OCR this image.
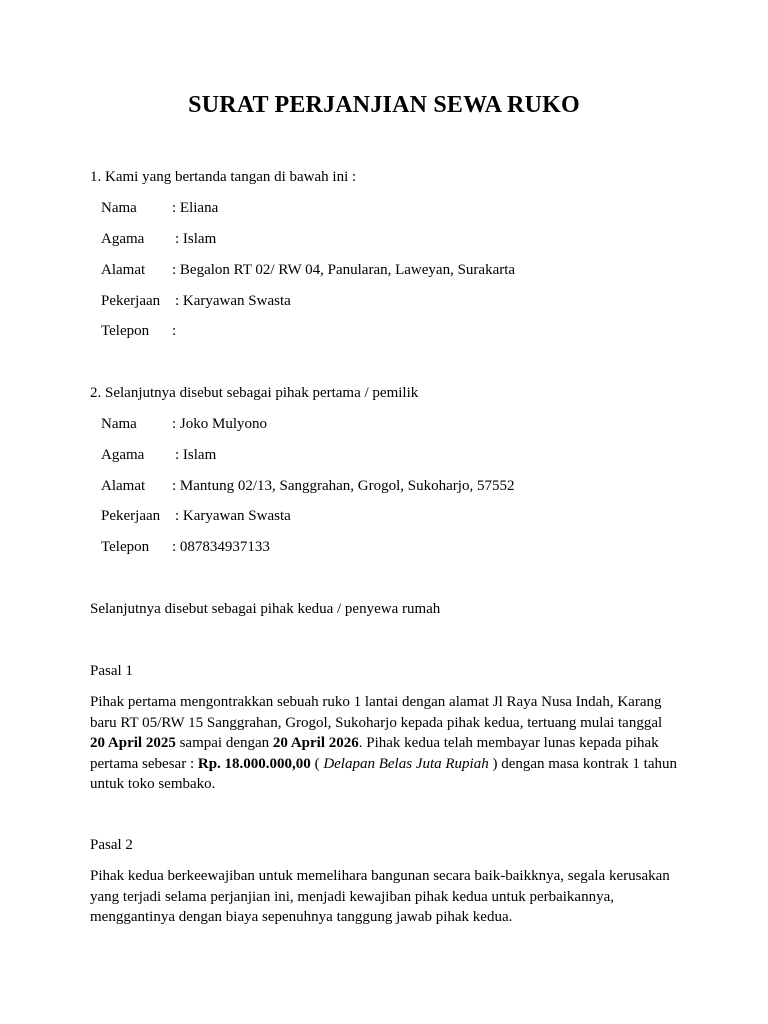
SURAT PERJANJIAN SEWA RUKO
1. Kami yang bertanda tangan di bawah ini :
Nama : Eliana
Agama : Islam
Alamat : Begalon RT 02/ RW 04, Panularan, Laweyan, Surakarta
Pekerjaan : Karyawan Swasta
Telepon :
2. Selanjutnya disebut sebagai pihak pertama / pemilik
Nama : Joko Mulyono
Agama : Islam
Alamat : Mantung 02/13, Sanggrahan, Grogol, Sukoharjo, 57552
Pekerjaan : Karyawan Swasta
Telepon : 087834937133
Selanjutnya disebut sebagai pihak kedua / penyewa rumah
Pasal 1
Pihak pertama mengontrakkan sebuah ruko 1 lantai dengan alamat Jl Raya Nusa Indah, Karang baru RT 05/RW 15 Sanggrahan, Grogol, Sukoharjo kepada pihak kedua, tertuang mulai tanggal 20 April 2025 sampai dengan 20 April 2026. Pihak kedua telah membayar lunas kepada pihak pertama sebesar : Rp. 18.000.000,00 ( Delapan Belas Juta Rupiah ) dengan masa kontrak 1 tahun untuk toko sembako.
Pasal 2
Pihak kedua berkeewajiban untuk memelihara bangunan secara baik-baikknya, segala kerusakan yang terjadi selama perjanjian ini, menjadi kewajiban pihak kedua untuk perbaikannya, menggantinya dengan biaya sepenuhnya tanggung jawab pihak kedua.
